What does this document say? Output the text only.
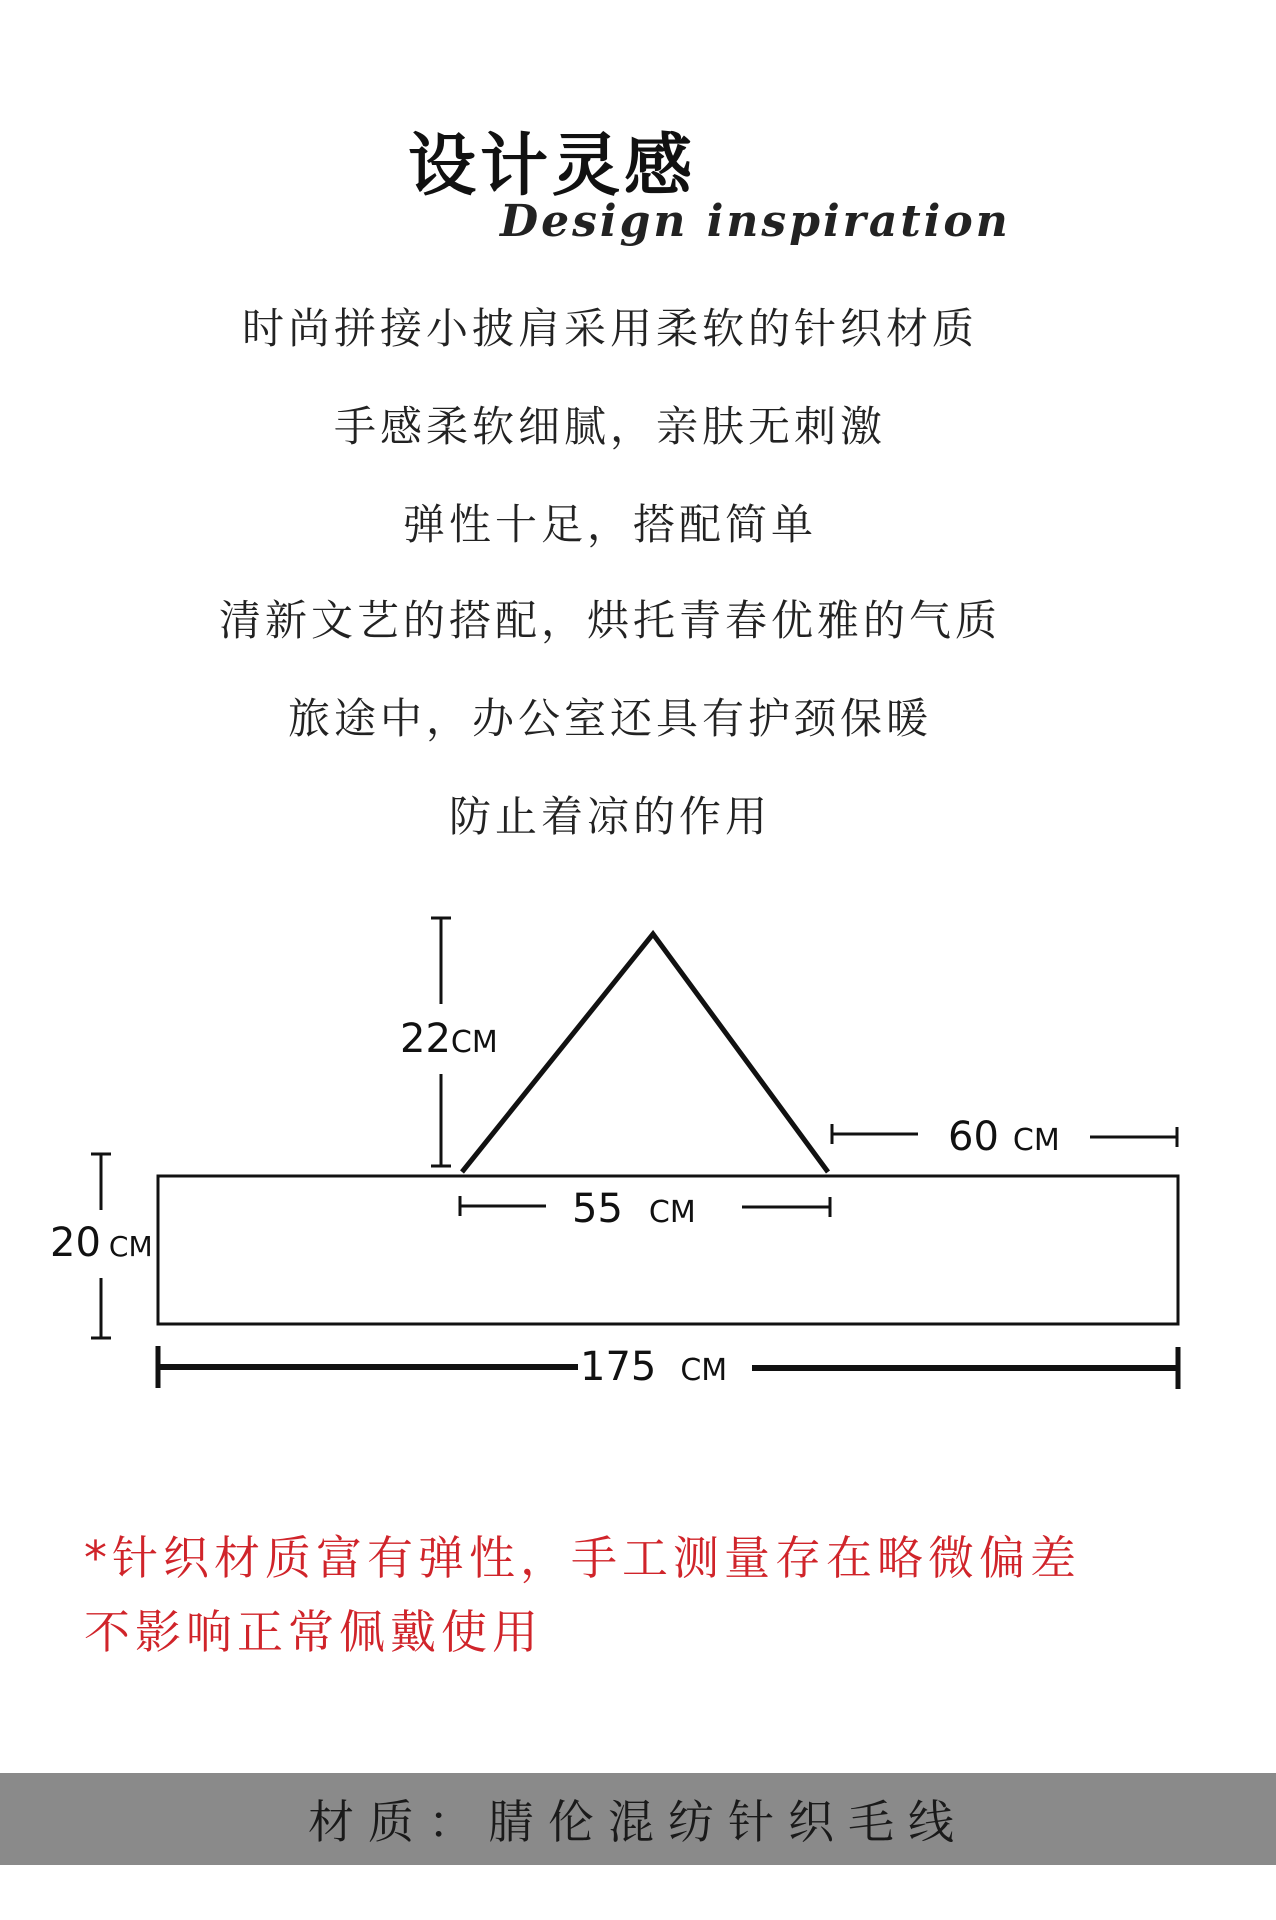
设计灵感
Design inspiration

时尚拼接小披肩采用柔软的针织材质

手感柔软细腻，亲肤无刺激

弹性十足，搭配简单

清新文艺的搭配，烘托青春优雅的气质

旅途中，办公室还具有护颈保暖

防止着凉的作用

22CM
60 CM
55 CM
20 CM
175 CM

*针织材质富有弹性，手工测量存在略微偏差

不影响正常佩戴使用

材质：腈伦混纺针织毛线
